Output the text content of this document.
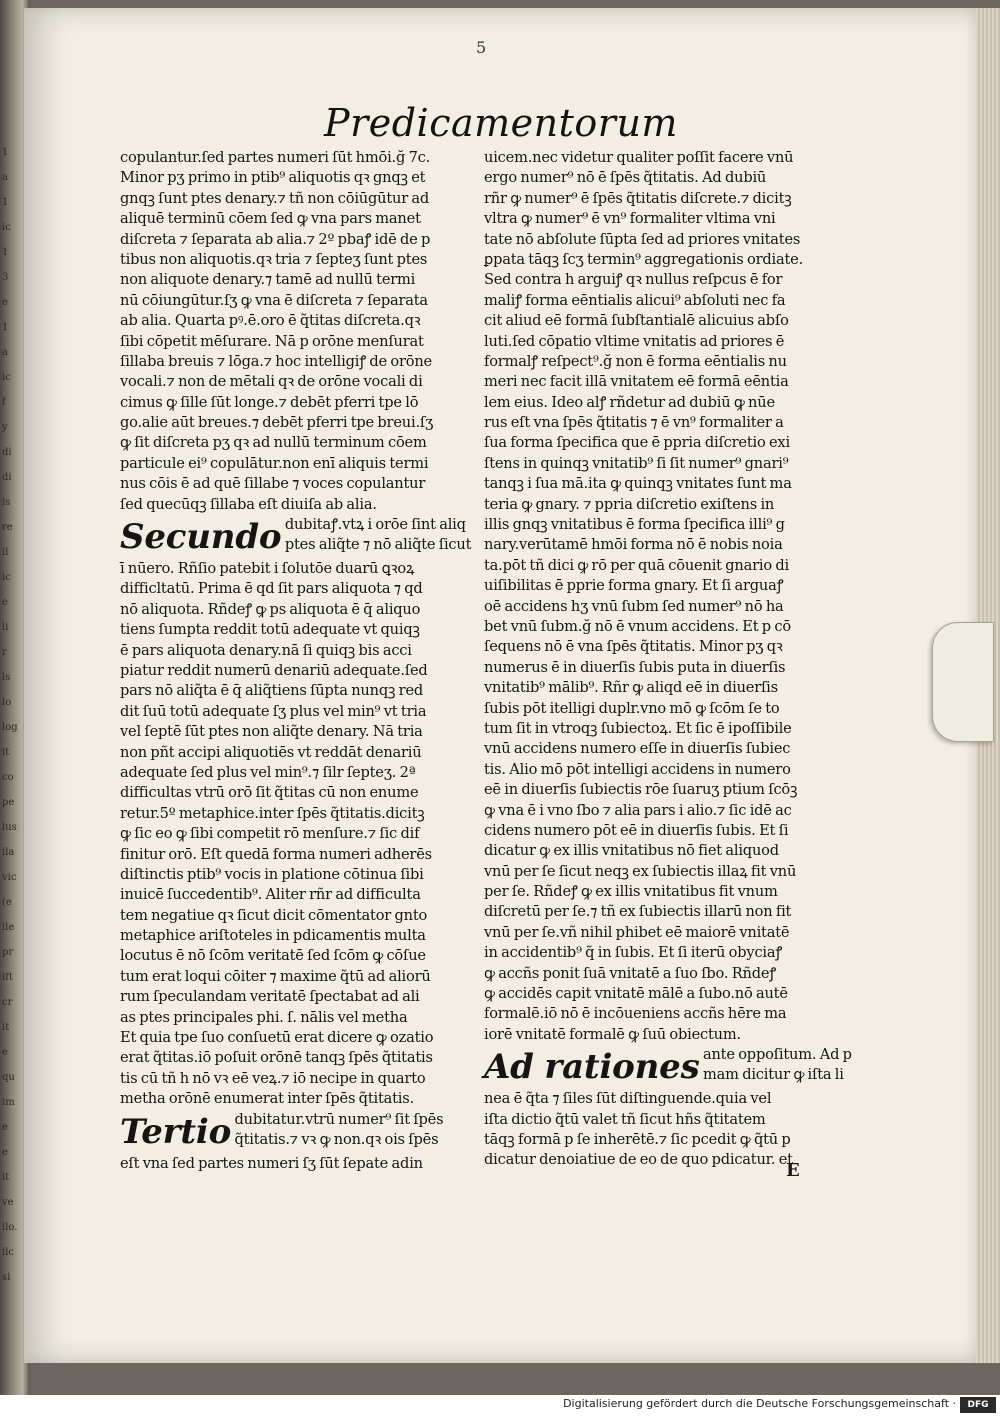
1
a
1
ic
1
3
e
1
a
ic
f
y
di
di
is
re
il
ic
e
li
r
is
lo
log
it
co
pe
lus
ila
vic
(e
ile
pr
ift
cr
it
e
qu
im
e
e
it
ve
ilo.
ilc
si
5
Predicamentorum
copulantur.ſed partes numeri ſūt hmōi.ğ 7c.
Minor pʒ primo in ptib⁹ aliquotis qꝛ gnqꝫ et
gnqꝫ ſunt ptes denary.⁊ tñ non cōiūgūtur ad
aliquē terminū cōem ſed ꝙ vna pars manet
diſcreta ⁊ ſeparata ab alia.⁊ 2º pbaꝭ idē de p
tibus non aliquotis.qꝛ tria ⁊ ſepteʒ ſunt ptes
non aliquote denary.⁊ tamē ad nullū termi
nū cōiungūtur.ſʒ ꝙ vna ē diſcreta ⁊ ſeparata
ab alia. Quarta pꝰ.ē.oro ē q̃titas diſcreta.qꝛ
ſibi cōpetit mēſurare. Nā p orōne menſurat
ſillaba breuis ⁊ lōga.⁊ hoc intelligiꝭ de orōne
vocali.⁊ non de mētali qꝛ de orōne vocali di
cimus ꝙ ſille ſūt longe.⁊ debēt pferri tpe lō
go.alie aūt breues.⁊ debēt pferri tpe breui.ſʒ
ꝙ ſit diſcreta pʒ qꝛ ad nullū terminum cōem
particule ei⁹ copulātur.non enī aliquis termi
nus cōis ē ad quē ſillabe ⁊ voces copulantur
ſed quecūqꝫ ſillaba eſt diuiſa ab alia.
Secundo dubitaꝭ.vtꝝ i orōe ſint aliq
ptes aliq̃te ⁊ nō aliq̃te ſicut
ī nūero. Rñſio patebit i ſolutōe duarū ꝗꝛoꝝ
difficltatū. Prima ē qd ſit pars aliquota ⁊ qd
nō aliquota. Rñdeꝭ ꝙ ps aliquota ē q̄ aliquo
tiens ſumpta reddit totū adequate vt quiqꝫ
ē pars aliquota denary.nā ſi quiqꝫ bis acci
piatur reddit numerū denariū adequate.ſed
pars nō aliq̃ta ē q̄ aliq̃tiens ſūpta nunqꝫ red
dit ſuū totū adequate ſʒ plus vel min⁹ vt tria
vel ſeptē ſūt ptes non aliq̃te denary. Nā tria
non pñt accipi aliquotiēs vt reddāt denariū
adequate ſed plus vel min⁹.⁊ ſilr ſepteʒ. 2ª
difficultas vtrū orō ſit q̃titas cū non enume
retur.5º metaphice.inter ſpēs q̃titatis.dicitꝫ
ꝙ ſic eo ꝙ ſibi competit rō menſure.⁊ ſic dif
finitur orō. Eſt quedā forma numeri adherēs
diſtinctis ptib⁹ vocis in platione cōtinua ſibi
inuicē ſuccedentib⁹. Aliter rñr ad difficulta
tem negatiue qꝛ ſicut dicit cōmentator gnto
metaphice ariſtoteles in pdicamentis multa
locutus ē nō ſcōm veritatē ſed ſcōm ꝙ cōſue
tum erat loqui cōiter ⁊ maxime q̃tū ad aliorū
rum ſpeculandam veritatē ſpectabat ad ali
as ptes principales phi. ſ. nālis vel metha
Et quia tpe ſuo conſuetū erat dicere ꝙ ozatio
erat q̃titas.iō poſuit orōnē tanqꝫ ſpēs q̃titatis
tis cū tñ h nō vꝛ eē veꝝ.⁊ iō necipe in quarto
metha orōnē enumerat inter ſpēs q̃titatis.
Tertio dubitatur.vtrū numer⁹ ſit ſpēs
q̃titatis.⁊ vꝛ ꝙ non.qꝛ ois ſpēs
eſt vna ſed partes numeri ſʒ ſūt ſepate adin
uicem.nec videtur qualiter poſſit facere vnū
ergo numer⁹ nō ē ſpēs q̃titatis. Ad dubiū
rñr ꝙ numer⁹ ē ſpēs q̃titatis diſcrete.⁊ dicitꝫ
vltra ꝙ numer⁹ ē vn⁹ formaliter vltima vni
tate nō abſolute ſūpta ſed ad priores vnitates
ꝑpata tāqꝫ ſcʒ termin⁹ aggregationis ordiate.
Sed contra h arguiꝭ qꝛ nullus reſpcus ē for
maliꝭ forma eēntialis alicui⁹ abſoluti nec fa
cit aliud eē formā ſubſtantialē alicuius abſo
luti.ſed cōpatio vltime vnitatis ad priores ē
formalꝭ reſpect⁹.ğ non ē forma eēntialis nu
meri nec facit illā vnitatem eē formā eēntia
lem eius. Ideo alꝭ rñdetur ad dubiū ꝙ nūe
rus eſt vna ſpēs q̃titatis ⁊ ē vn⁹ formaliter a
ſua forma ſpecifica que ē ppria diſcretio exi
ſtens in quinqꝫ vnitatib⁹ ſi ſit numer⁹ gnari⁹
tanqꝫ i ſua mā.ita ꝙ quinqꝫ vnitates ſunt ma
teria ꝙ gnary. ⁊ ppria diſcretio exiſtens in
illis gnqꝫ vnitatibus ē forma ſpecifica illi⁹ g
nary.verūtamē hmōi forma nō ē nobis noia
ta.pōt tñ dici ꝙ rō per quā cōuenit gnario di
uiſibilitas ē pprie forma gnary. Et ſi arguaꝭ
oē accidens hʒ vnū ſubm ſed numer⁹ nō ha
bet vnū ſubm.ğ nō ē vnum accidens. Et p cō
ſequens nō ē vna ſpēs q̃titatis. Minor pʒ qꝛ
numerus ē in diuerſis ſubis puta in diuerſis
vnitatib⁹ mālib⁹. Rñr ꝙ aliqd eē in diuerſis
ſubis pōt itelligi duplr.vno mō ꝙ ſcōm ſe to
tum ſit in vtroqꝫ ſubiectoꝝ. Et ſic ē ipoſſibile
vnū accidens numero eſſe in diuerſis ſubiec
tis. Alio mō pōt intelligi accidens in numero
eē in diuerſis ſubiectis rōe ſuaruʒ ptium ſcōꝫ
ꝙ vna ē i vno ſbo ⁊ alia pars i alio.⁊ ſic idē ac
cidens numero pōt eē in diuerſis ſubis. Et ſi
dicatur ꝙ ex illis vnitatibus nō fiet aliquod
vnū per ſe ſicut neqꝫ ex ſubiectis illaꝝ fit vnū
per ſe. Rñdeꝭ ꝙ ex illis vnitatibus fit vnum
diſcretū per ſe.⁊ tñ ex ſubiectis illarū non fit
vnū per ſe.vñ nihil phibet eē maiorē vnitatē
in accidentib⁹ q̃ in ſubis. Et ſi iterū obyciaꝭ
ꝙ accñs ponit ſuā vnitatē a ſuo ſbo. Rñdeꝭ
ꝙ accidēs capit vnitatē mālē a ſubo.nō autē
formalē.iō nō ē incōueniens accñs hēre ma
iorē vnitatē formalē ꝙ ſuū obiectum.
Ad rationes ante oppoſitum. Ad p
mam dicitur ꝙ iſta li
nea ē q̃ta ⁊ ſiles ſūt diſtinguende.quia vel
iſta dictio q̃tū valet tñ ſicut hñs q̃titatem
tāqꝫ formā p ſe inherētē.⁊ ſic pcedit ꝙ q̃tū p
dicatur denoiatiue de eo de quo pdicatur. et
E
Digitalisierung gefördert durch die Deutsche Forschungsgemeinschaft ·	DFG
